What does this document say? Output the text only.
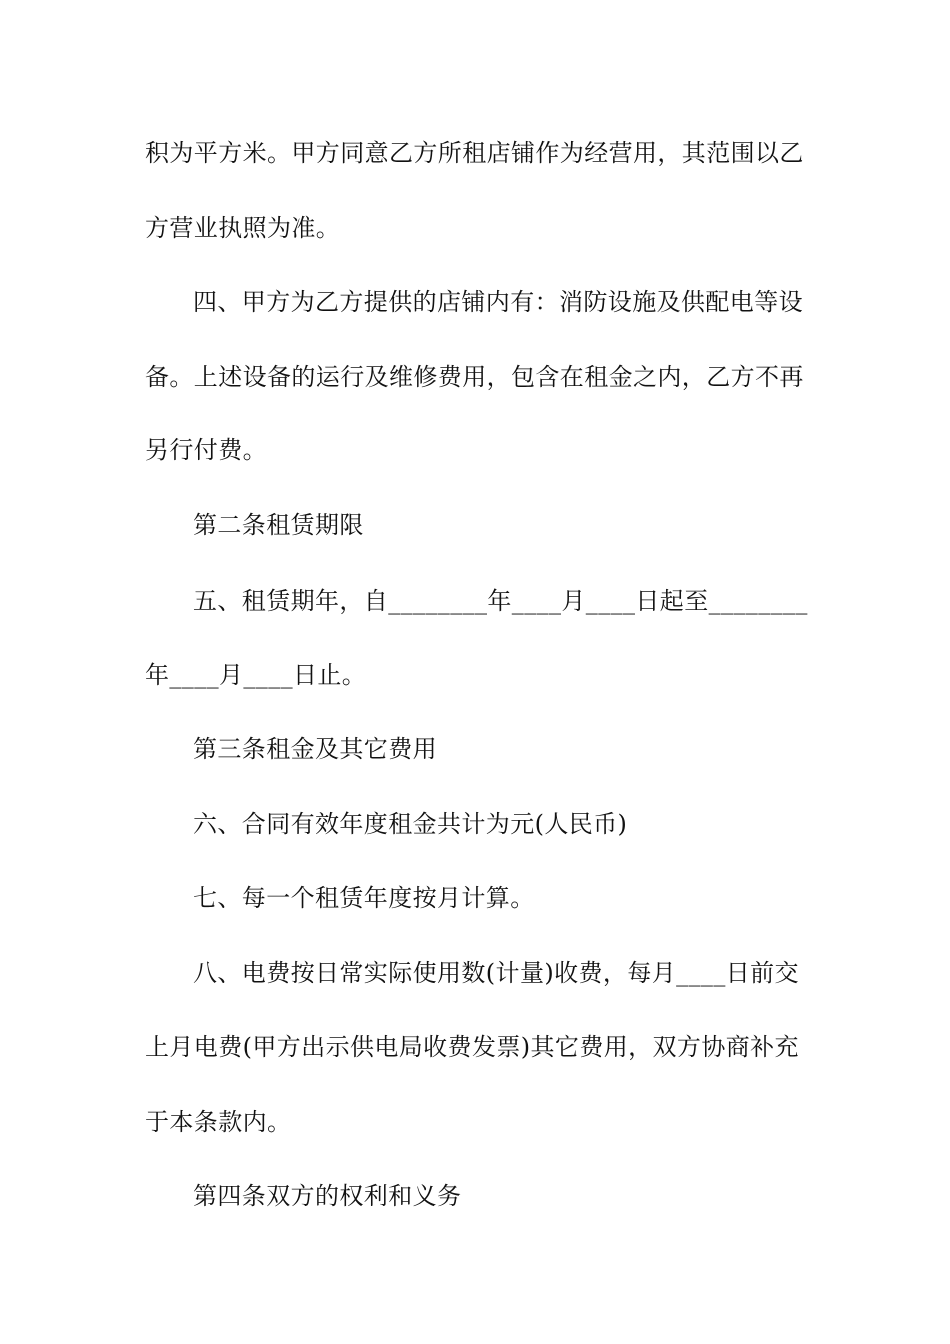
积为平方米。甲方同意乙方所租店铺作为经营用，其范围以乙
方营业执照为准。
四、甲方为乙方提供的店铺内有：消防设施及供配电等设
备。上述设备的运行及维修费用，包含在租金之内，乙方不再
另行付费。
第二条租赁期限
五、租赁期年，自________年____月____日起至________
年____月____日止。
第三条租金及其它费用
六、合同有效年度租金共计为元(人民币)
七、每一个租赁年度按月计算。
八、电费按日常实际使用数(计量)收费，每月____日前交
上月电费(甲方出示供电局收费发票)其它费用，双方协商补充
于本条款内。
第四条双方的权利和义务
